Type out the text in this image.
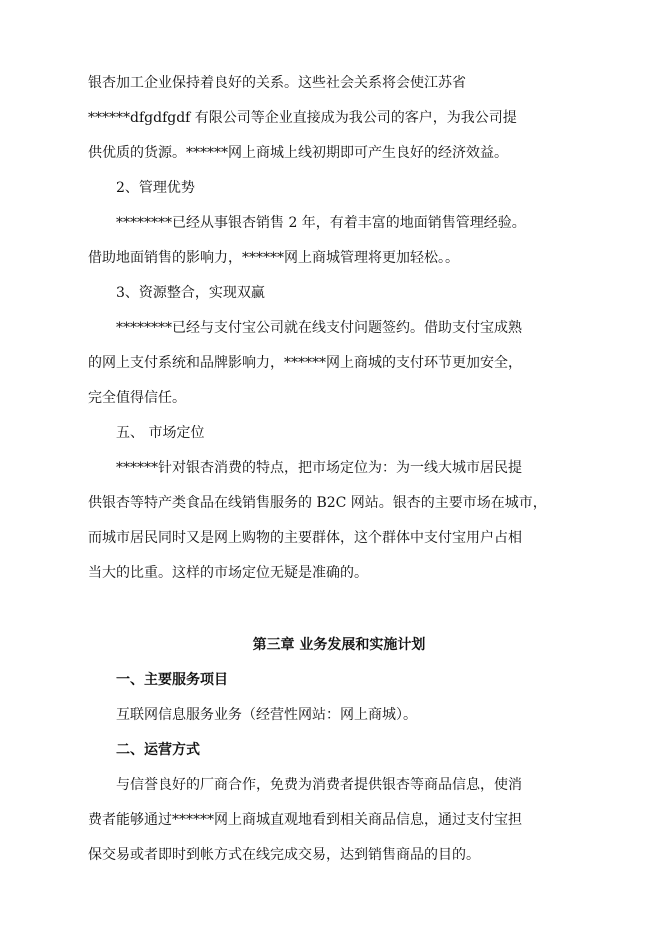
银杏加工企业保持着良好的关系。这些社会关系将会使江苏省

******dfgdfgdf 有限公司等企业直接成为我公司的客户，为我公司提

供优质的货源。******网上商城上线初期即可产生良好的经济效益。

2、管理优势

********已经从事银杏销售 2 年，有着丰富的地面销售管理经验。

借助地面销售的影响力，******网上商城管理将更加轻松。。

3、资源整合，实现双赢

********已经与支付宝公司就在线支付问题签约。借助支付宝成熟

的网上支付系统和品牌影响力，******网上商城的支付环节更加安全，

完全值得信任。

五、 市场定位

******针对银杏消费的特点，把市场定位为：为一线大城市居民提

供银杏等特产类食品在线销售服务的 B2C 网站。银杏的主要市场在城市，

而城市居民同时又是网上购物的主要群体，这个群体中支付宝用户占相

当大的比重。这样的市场定位无疑是准确的。

第三章 业务发展和实施计划

一、主要服务项目

互联网信息服务业务（经营性网站：网上商城）。

二、运营方式

与信誉良好的厂商合作，免费为消费者提供银杏等商品信息，使消

费者能够通过******网上商城直观地看到相关商品信息，通过支付宝担

保交易或者即时到帐方式在线完成交易，达到销售商品的目的。
